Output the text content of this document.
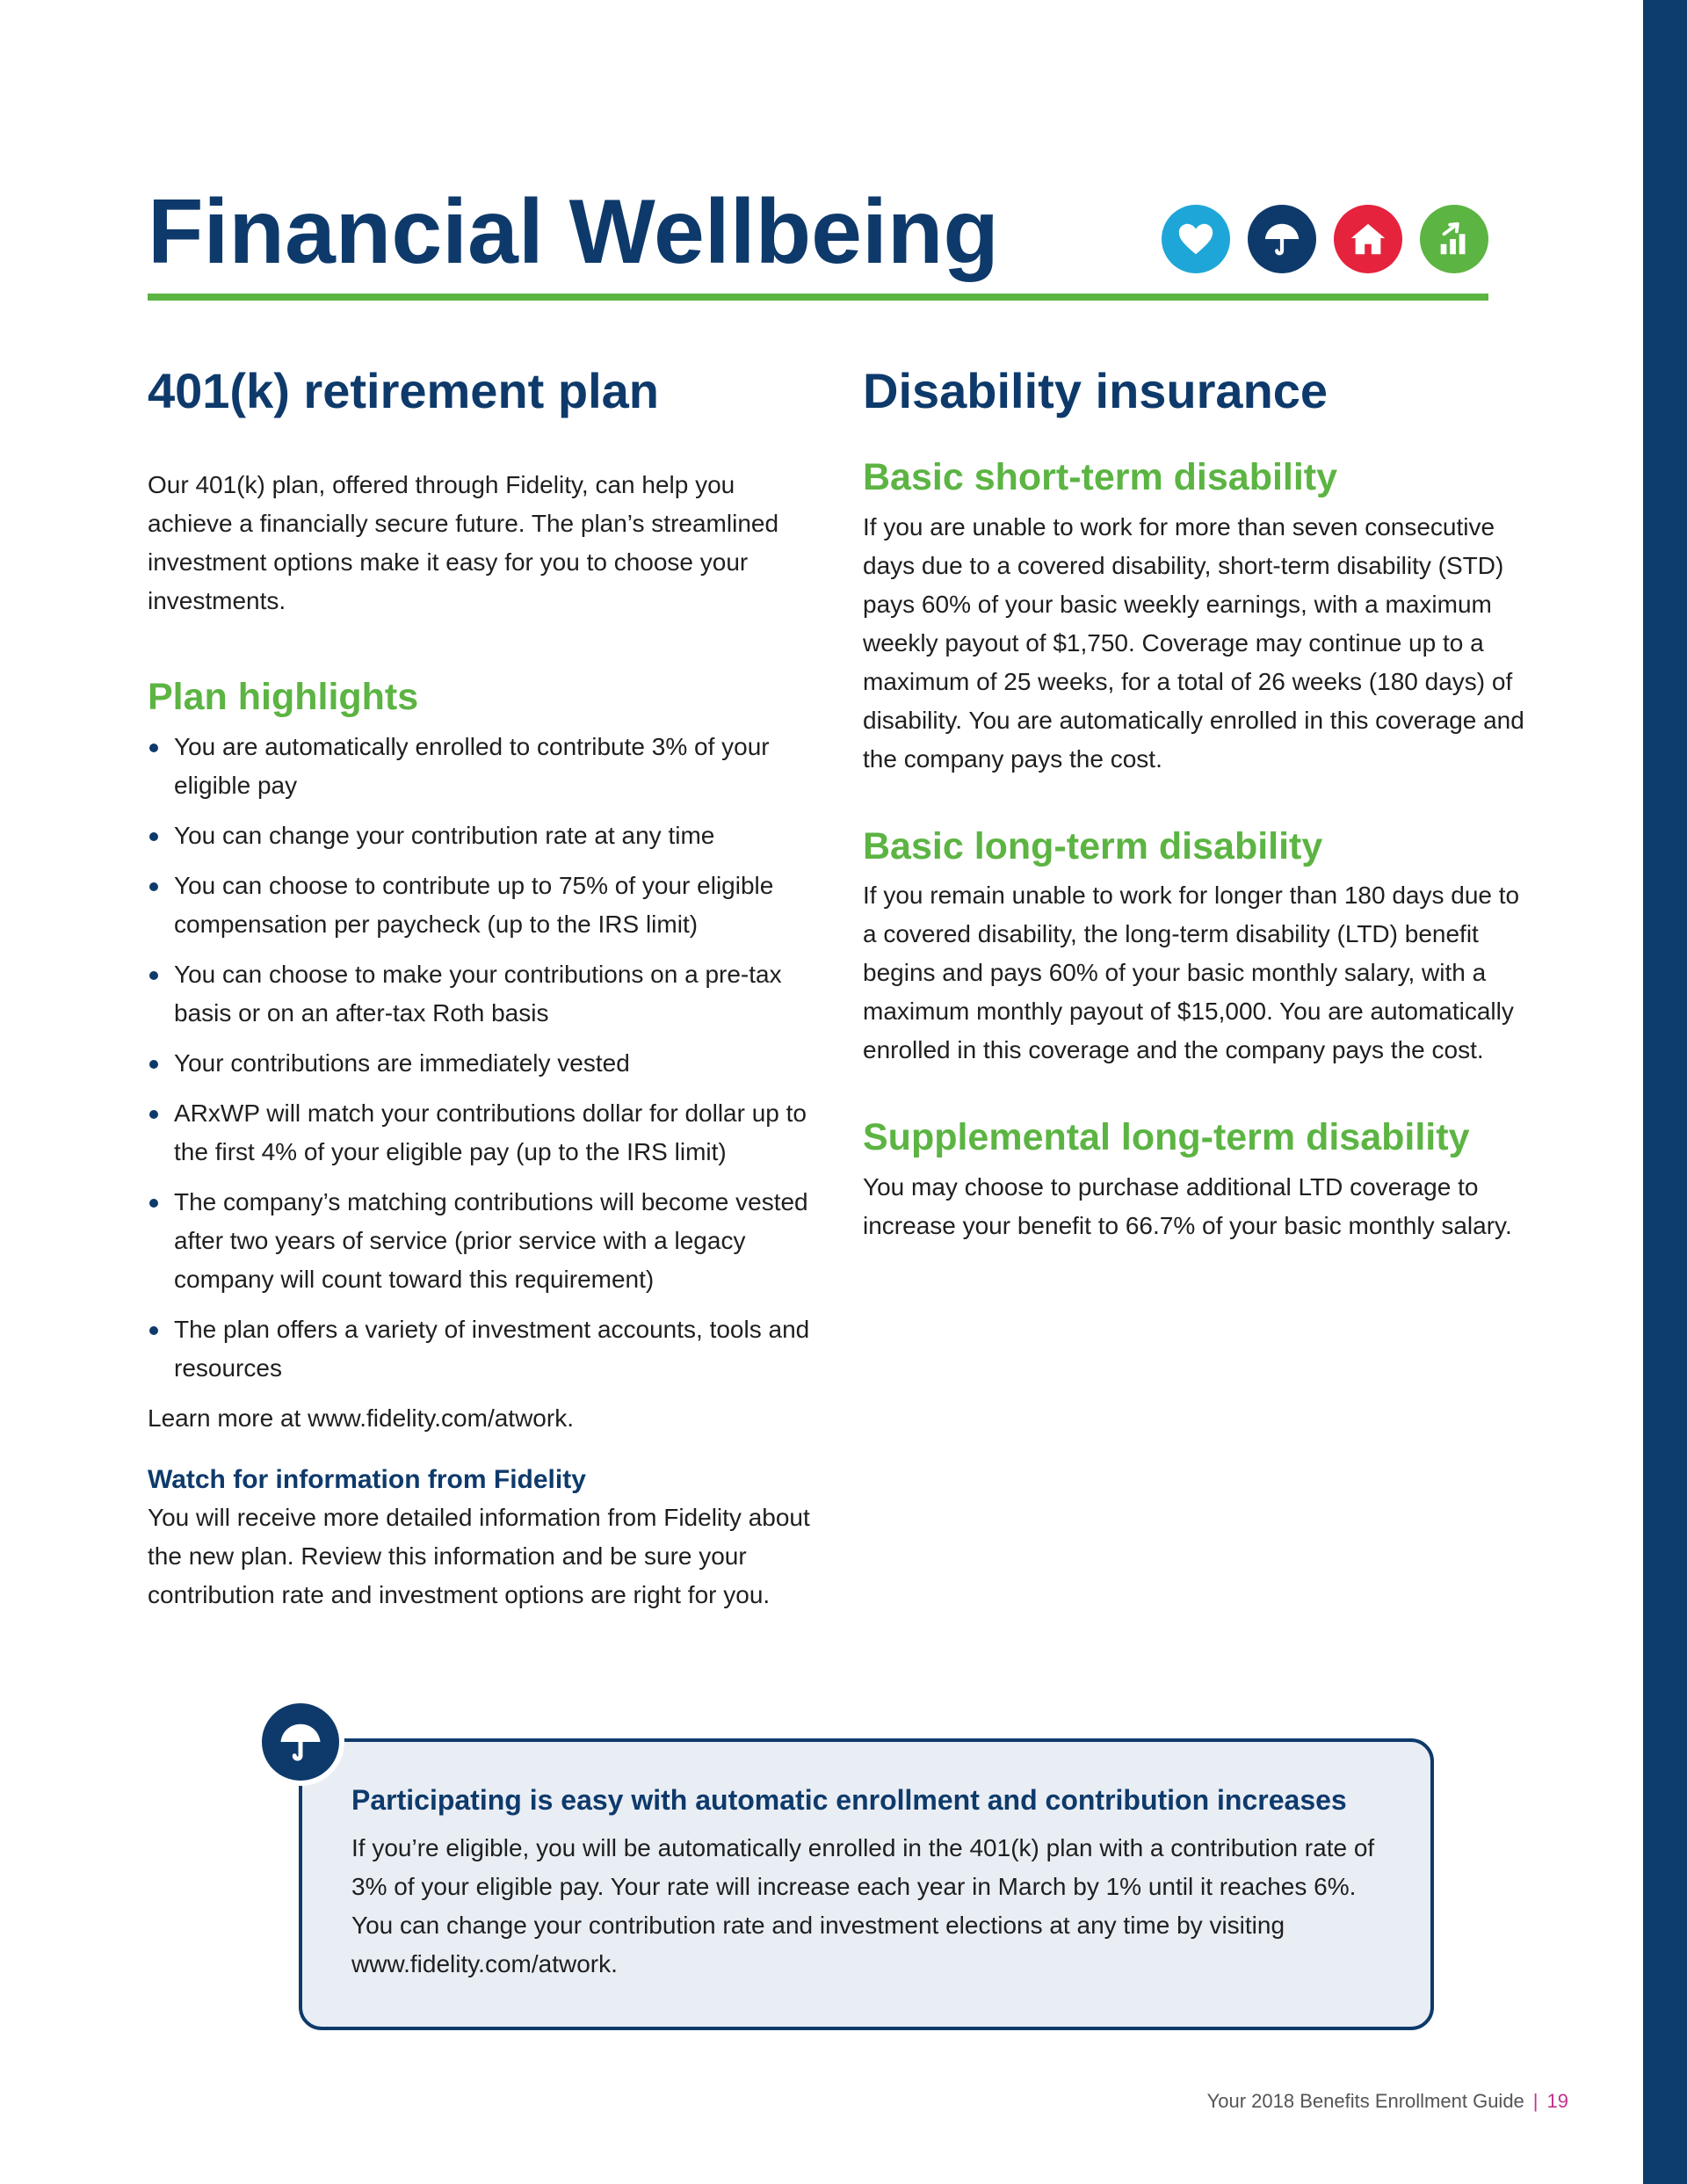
Financial Wellbeing
401(k) retirement plan

Our 401(k) plan, offered through Fidelity, can help you achieve a financially secure future. The plan’s streamlined investment options make it easy for you to choose your investments.

Plan highlights
You are automatically enrolled to contribute 3% of your eligible pay
You can change your contribution rate at any time
You can choose to contribute up to 75% of your eligible compensation per paycheck (up to the IRS limit)
You can choose to make your contributions on a pre-tax basis or on an after-tax Roth basis
Your contributions are immediately vested
ARxWP will match your contributions dollar for dollar up to the first 4% of your eligible pay (up to the IRS limit)
The company’s matching contributions will become vested after two years of service (prior service with a legacy company will count toward this requirement)
The plan offers a variety of investment accounts, tools and resources

Learn more at www.fidelity.com/atwork.

Watch for information from Fidelity

You will receive more detailed information from Fidelity about the new plan. Review this information and be sure your contribution rate and investment options are right for you.

Disability insurance
Basic short-term disability

If you are unable to work for more than seven consecutive days due to a covered disability, short-term disability (STD) pays 60% of your basic weekly earnings, with a maximum weekly payout of $1,750. Coverage may continue up to a maximum of 25 weeks, for a total of 26 weeks (180 days) of disability. You are automatically enrolled in this coverage and the company pays the cost.

Basic long-term disability

If you remain unable to work for longer than 180 days due to a covered disability, the long-term disability (LTD) benefit begins and pays 60% of your basic monthly salary, with a maximum monthly payout of $15,000. You are automatically enrolled in this coverage and the company pays the cost.

Supplemental long-term disability

You may choose to purchase additional LTD coverage to increase your benefit to 66.7% of your basic monthly salary.

Participating is easy with automatic enrollment and contribution increases

If you’re eligible, you will be automatically enrolled in the 401(k) plan with a contribution rate of 3% of your eligible pay. Your rate will increase each year in March by 1% until it reaches 6%. You can change your contribution rate and investment elections at any time by visiting www.fidelity.com/atwork.

Your 2018 Benefits Enrollment Guide | 19
